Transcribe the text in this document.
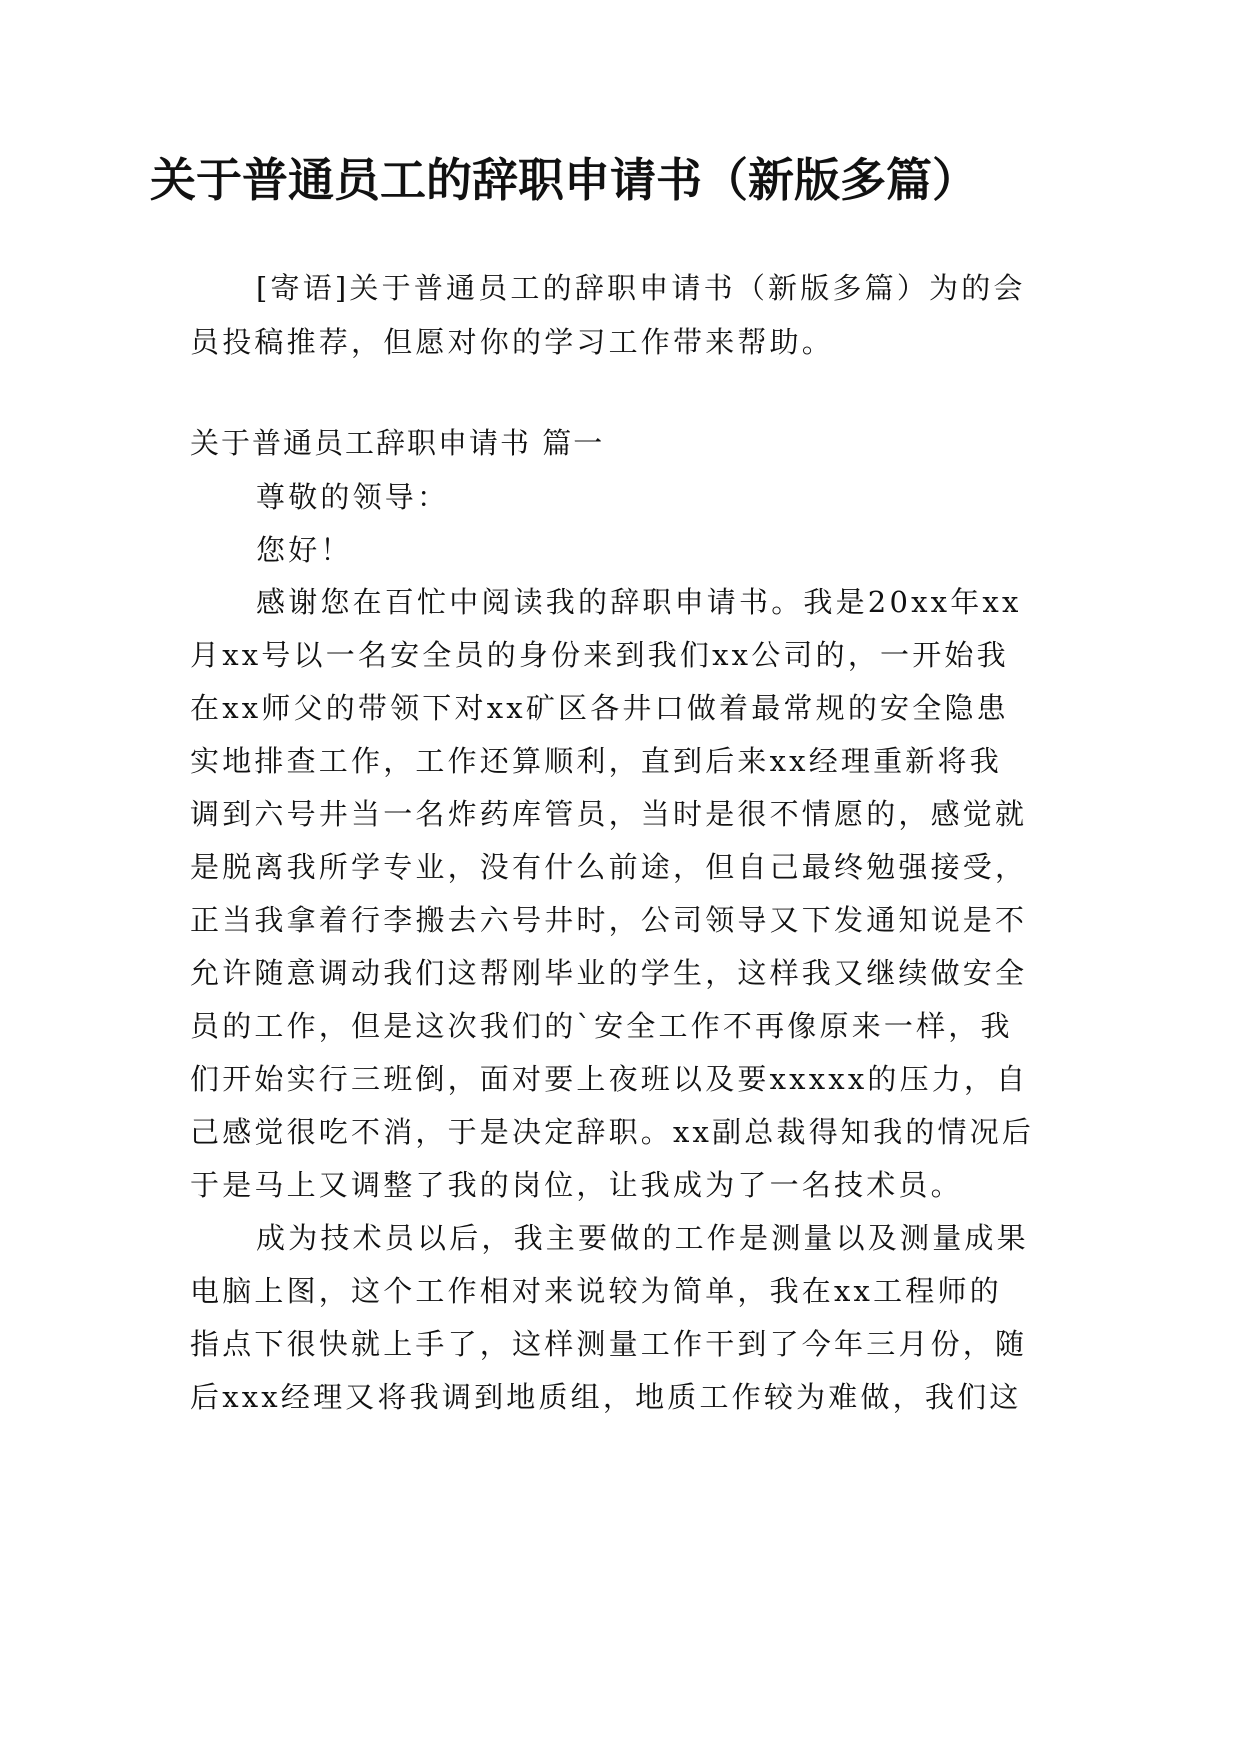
关于普通员工的辞职申请书（新版多篇）
[寄语]关于普通员工的辞职申请书（新版多篇）为的会
员投稿推荐，但愿对你的学习工作带来帮助。
关于普通员工辞职申请书 篇一
尊敬的领导：
您好！
感谢您在百忙中阅读我的辞职申请书。我是20xx年xx
月xx号以一名安全员的身份来到我们xx公司的，一开始我
在xx师父的带领下对xx矿区各井口做着最常规的安全隐患
实地排查工作，工作还算顺利，直到后来xx经理重新将我
调到六号井当一名炸药库管员，当时是很不情愿的，感觉就
是脱离我所学专业，没有什么前途，但自己最终勉强接受，
正当我拿着行李搬去六号井时，公司领导又下发通知说是不
允许随意调动我们这帮刚毕业的学生，这样我又继续做安全
员的工作，但是这次我们的`安全工作不再像原来一样，我
们开始实行三班倒，面对要上夜班以及要xxxxx的压力，自
己感觉很吃不消，于是决定辞职。xx副总裁得知我的情况后
于是马上又调整了我的岗位，让我成为了一名技术员。
成为技术员以后，我主要做的工作是测量以及测量成果
电脑上图，这个工作相对来说较为简单，我在xx工程师的
指点下很快就上手了，这样测量工作干到了今年三月份，随
后xxx经理又将我调到地质组，地质工作较为难做，我们这
